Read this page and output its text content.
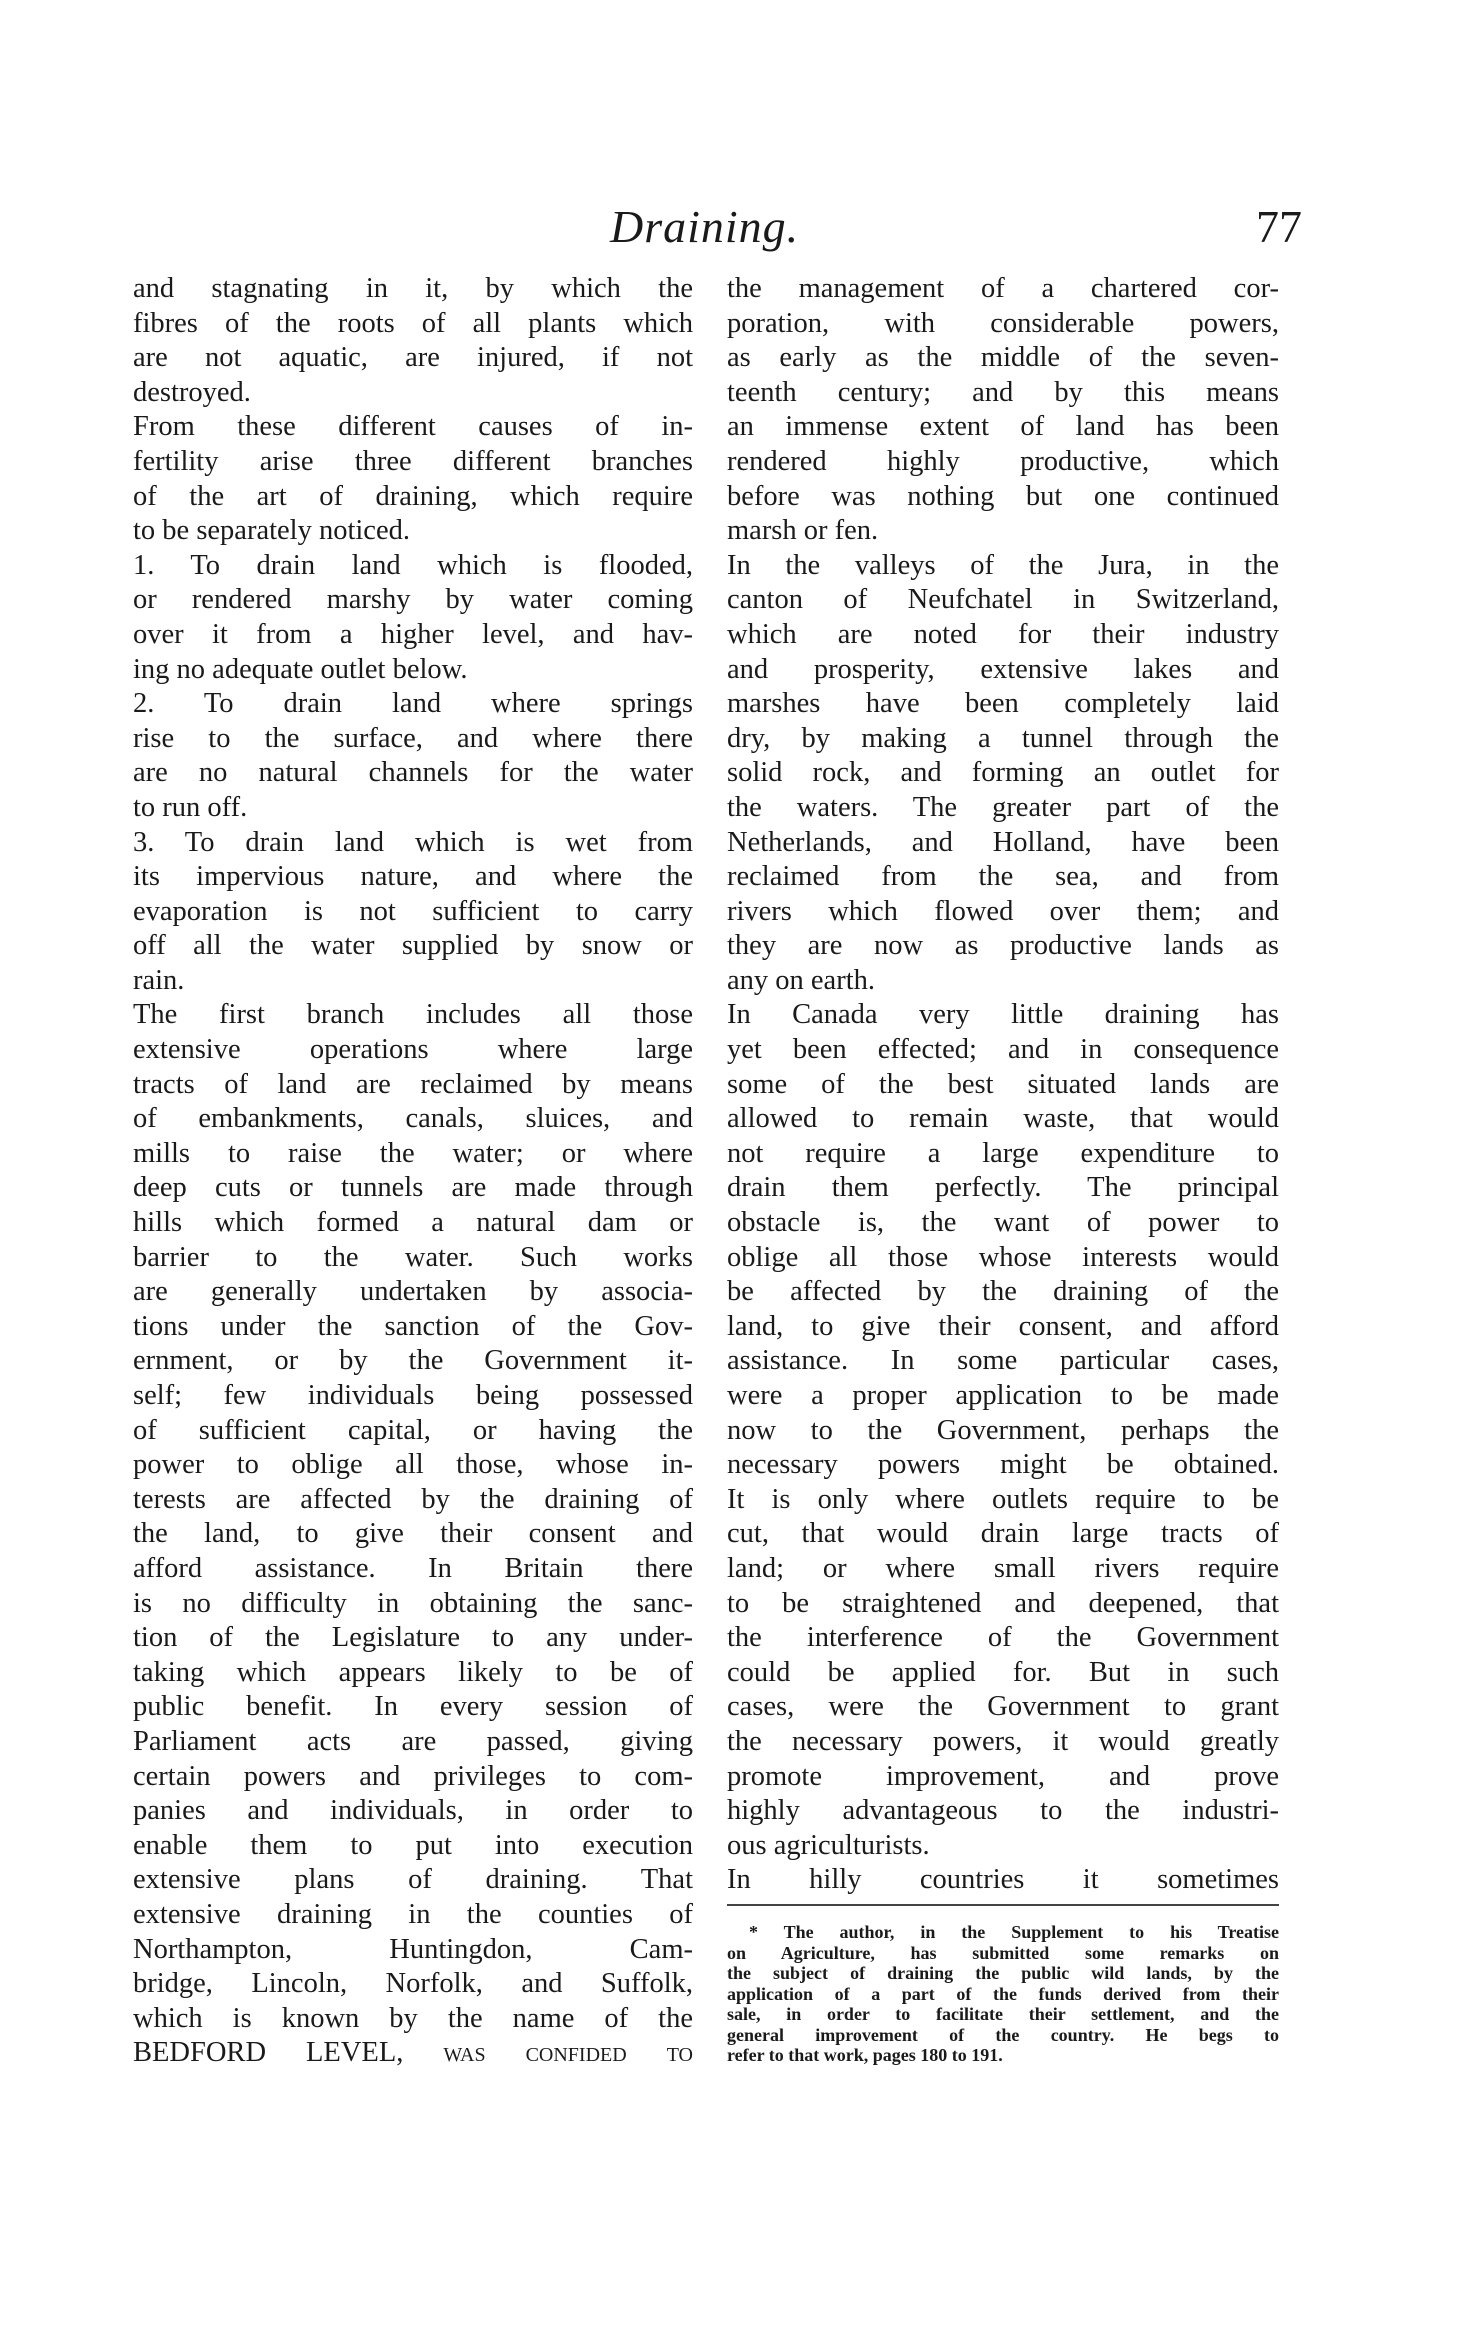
Draining.	77
and stagnating in it, by which the
fibres of the roots of all plants which
are not aquatic, are injured, if not
destroyed.
From these different causes of in-
fertility arise three different branches
of the art of draining, which require
to be separately noticed.
1. To drain land which is flooded,
or rendered marshy by water coming
over it from a higher level, and hav-
ing no adequate outlet below.
2. To drain land where springs
rise to the surface, and where there
are no natural channels for the water
to run off.
3. To drain land which is wet from
its impervious nature, and where the
evaporation is not sufficient to carry
off all the water supplied by snow or
rain.
The first branch includes all those
extensive operations where large
tracts of land are reclaimed by means
of embankments, canals, sluices, and
mills to raise the water; or where
deep cuts or tunnels are made through
hills which formed a natural dam or
barrier to the water. Such works
are generally undertaken by associa-
tions under the sanction of the Gov-
ernment, or by the Government it-
self; few individuals being possessed
of sufficient capital, or having the
power to oblige all those, whose in-
terests are affected by the draining of
the land, to give their consent and
afford assistance. In Britain there
is no difficulty in obtaining the sanc-
tion of the Legislature to any under-
taking which appears likely to be of
public benefit. In every session of
Parliament acts are passed, giving
certain powers and privileges to com-
panies and individuals, in order to
enable them to put into execution
extensive plans of draining. That
extensive draining in the counties of
Northampton, Huntingdon, Cam-
bridge, Lincoln, Norfolk, and Suffolk,
which is known by the name of the
BEDFORD LEVEL, was confided to
the management of a chartered cor-
poration, with considerable powers,
as early as the middle of the seven-
teenth century; and by this means
an immense extent of land has been
rendered highly productive, which
before was nothing but one continued
marsh or fen.
In the valleys of the Jura, in the
canton of Neufchatel in Switzerland,
which are noted for their industry
and prosperity, extensive lakes and
marshes have been completely laid
dry, by making a tunnel through the
solid rock, and forming an outlet for
the waters. The greater part of the
Netherlands, and Holland, have been
reclaimed from the sea, and from
rivers which flowed over them; and
they are now as productive lands as
any on earth.
In Canada very little draining has
yet been effected; and in consequence
some of the best situated lands are
allowed to remain waste, that would
not require a large expenditure to
drain them perfectly. The principal
obstacle is, the want of power to
oblige all those whose interests would
be affected by the draining of the
land, to give their consent, and afford
assistance. In some particular cases,
were a proper application to be made
now to the Government, perhaps the
necessary powers might be obtained.
It is only where outlets require to be
cut, that would drain large tracts of
land; or where small rivers require
to be straightened and deepened, that
the interference of the Government
could be applied for. But in such
cases, were the Government to grant
the necessary powers, it would greatly
promote improvement, and prove
highly advantageous to the industri-
ous agriculturists.
In hilly countries it sometimes
* The author, in the Supplement to his Treatise
on Agriculture, has submitted some remarks on
the subject of draining the public wild lands, by the
application of a part of the funds derived from their
sale, in order to facilitate their settlement, and the
general improvement of the country. He begs to
refer to that work, pages 180 to 191.
